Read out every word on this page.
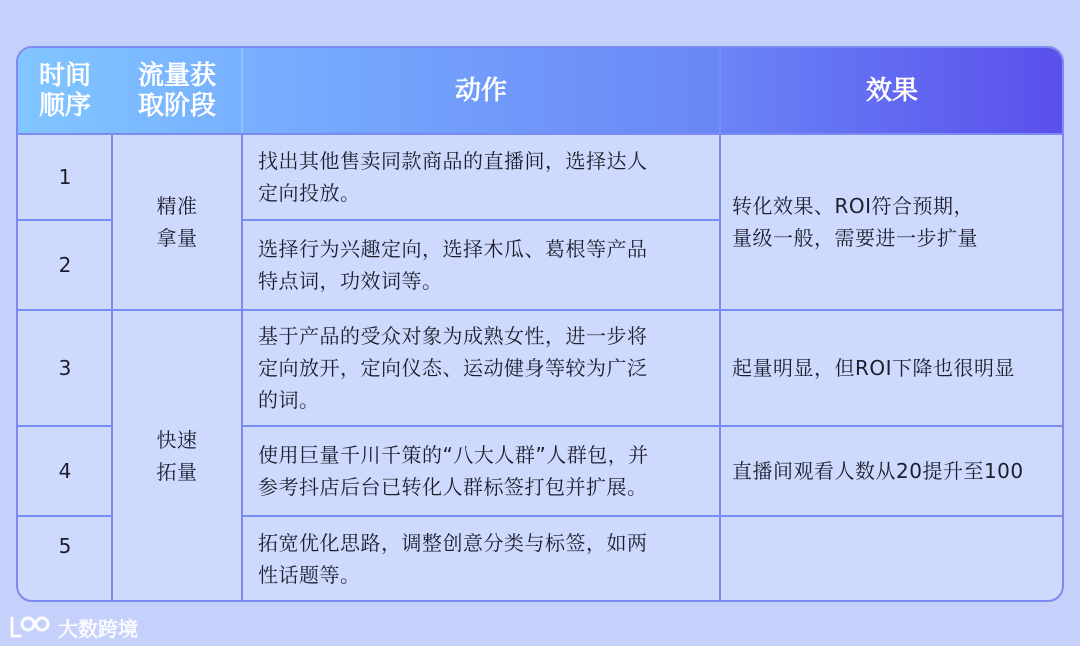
时间
顺序
流量获
取阶段	动作	效果
1
2
3
4
5
精准
拿量
快速
拓量
找出其他售卖同款商品的直播间，选择达人
定向投放。
选择行为兴趣定向，选择木瓜、葛根等产品
特点词，功效词等。
基于产品的受众对象为成熟女性，进一步将
定向放开，定向仪态、运动健身等较为广泛
的词。
使用巨量千川千策的“八大人群”人群包，并
参考抖店后台已转化人群标签打包并扩展。
拓宽优化思路，调整创意分类与标签，如两
性话题等。
转化效果、ROI符合预期，
量级一般，需要进一步扩量
起量明显，但ROI下降也很明显
直播间观看人数从20提升至100
大数跨境
